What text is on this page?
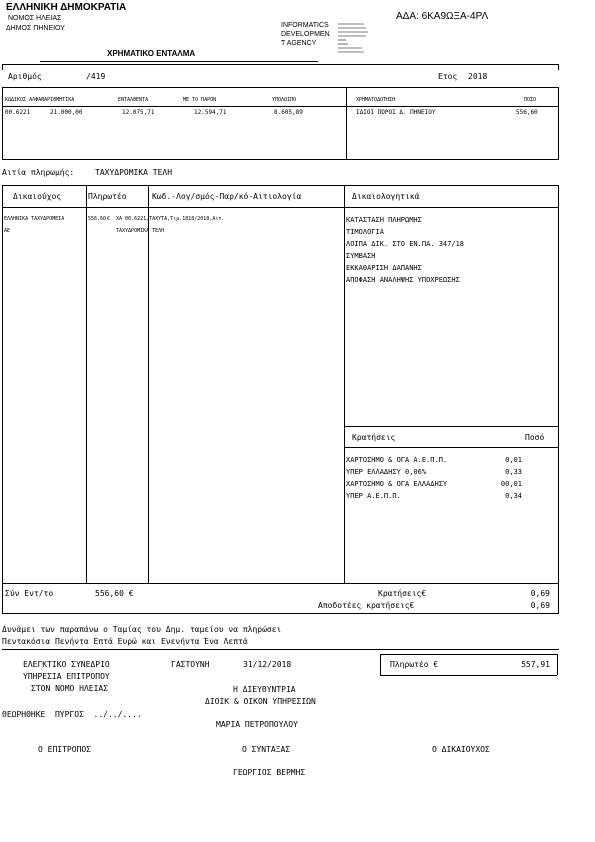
ΕΛΛΗΝΙΚΗ ΔΗΜΟΚΡΑΤΙΑ
ΝΟΜΟΣ ΗΛΕΙΑΣ
ΔΗΜΟΣ ΠΗΝΕΙΟΥ	INFORMATICS
DEVELOPMEN
T AGENCY
ΑΔΑ: 6ΚΑ9ΩΞΑ-4ΡΛ
ΧΡΗΜΑΤΙΚΟ ΕΝΤΑΛΜΑ
Αριθμός	/419	Ετος 2018
ΚΩΔΙΚΟΣ ΑΛΦΑΝΑΡΙΘΜΗΤΙΚΑ	ΕΝΤΑΛΘΕΝΤΑ	ΜΕ ΤΟ ΠΑΡΟΝ	ΥΠΟΛΟΙΠΟ	ΧΡΗΜΑΤΟΔΟΤΗΣΗ	ΠΟΣΟ
00.6221	21.000,00	12.075,71	12.594,71	8.605,89	ΙΔΙΟΙ ΠΟΡΟΙ Δ. ΠΗΝΕΙΟΥ	556,60
Αιτία πληρωμής:	ΤΑΧΥΔΡΟΜΙΚΑ ΤΕΛΗ
Δικαιούχος	Πληρωτέο	Κωδ.-Λογ/σμός-Παρ/κό-Αιτιολογία	Δικαιολογητικά
ΕΛΛΗΝΙΚΑ ΤΑΧΥΔΡΟΜΕΙΑ
ΑΕ
556,60 € ΧΑ 00.6221,ΤΑΧΥΤΑ,Τιμ.1818/2018,Αιτ.
ΤΑΧΥΔΡΟΜΙΚΑ ΤΕΛΗ
ΚΑΤΑΣΤΑΣΗ ΠΛΗΡΩΜΗΣ
ΤΙΜΟΛΟΓΙΑ
ΛΟΙΠΑ ΔΙΚ. ΣΤΟ ΕΝ.ΠΑ. 347/18
ΣΥΜΒΑΣΗ
ΕΚΚΑΘΑΡΙΣΗ ΔΑΠΑΝΗΣ
ΑΠΟΦΑΣΗ ΑΝΑΛΗΨΗΣ ΥΠΟΧΡΕΩΣΗΣ
Κρατήσεις	Ποσό
ΧΑΡΤΟΣΗΜΟ & ΟΓΑ Α.Ε.Π.Π.	0,01
ΥΠΕΡ ΕΛΛΑΔΗΣΥ 0,06%	0,33
ΧΑΡΤΟΣΗΜΟ & ΟΓΑ ΕΛΛΑΔΗΣΥ	00,01
ΥΠΕΡ Α.Ε.Π.Π.	0,34
Σύν Εντ/το	556,60 €	Κρατήσεις€	0,69
Αποδοτέες κρατήσεις€	0,69
Δυνάμει των παραπάνω ο Ταμίας του Δημ. ταμείου να πληρώσει
Πεντακόσια Πενήντα Επτά Ευρώ και Ενενήντα Ένα Λεπτά
ΕΛΕΓΚΤΙΚΟ ΣΥΝΕΔΡΙΟ
ΥΠΗΡΕΣΙΑ ΕΠΙΤΡΟΠΟΥ
ΣΤΟΝ ΝΟΜΟ ΗΛΕΙΑΣ
ΓΑΣΤΟΥΝΗ	31/12/2018	Πληρωτέο €	557,91
Η ΔΙΕΥΘΥΝΤΡΙΑ
ΔΙΟΙΚ & ΟΙΚΟΝ ΥΠΗΡΕΣΙΩΝ
ΘΕΩΡΗΘΗΚΕ  ΠΥΡΓΟΣ  ../../....
ΜΑΡΙΑ ΠΕΤΡΟΠΟΥΛΟΥ
Ο ΕΠΙΤΡΟΠΟΣ	Ο ΣΥΝΤΑΞΑΣ	Ο ΔΙΚΑΙΟΥΧΟΣ
ΓΕΩΡΓΙΟΣ ΒΕΡΜΗΣ
